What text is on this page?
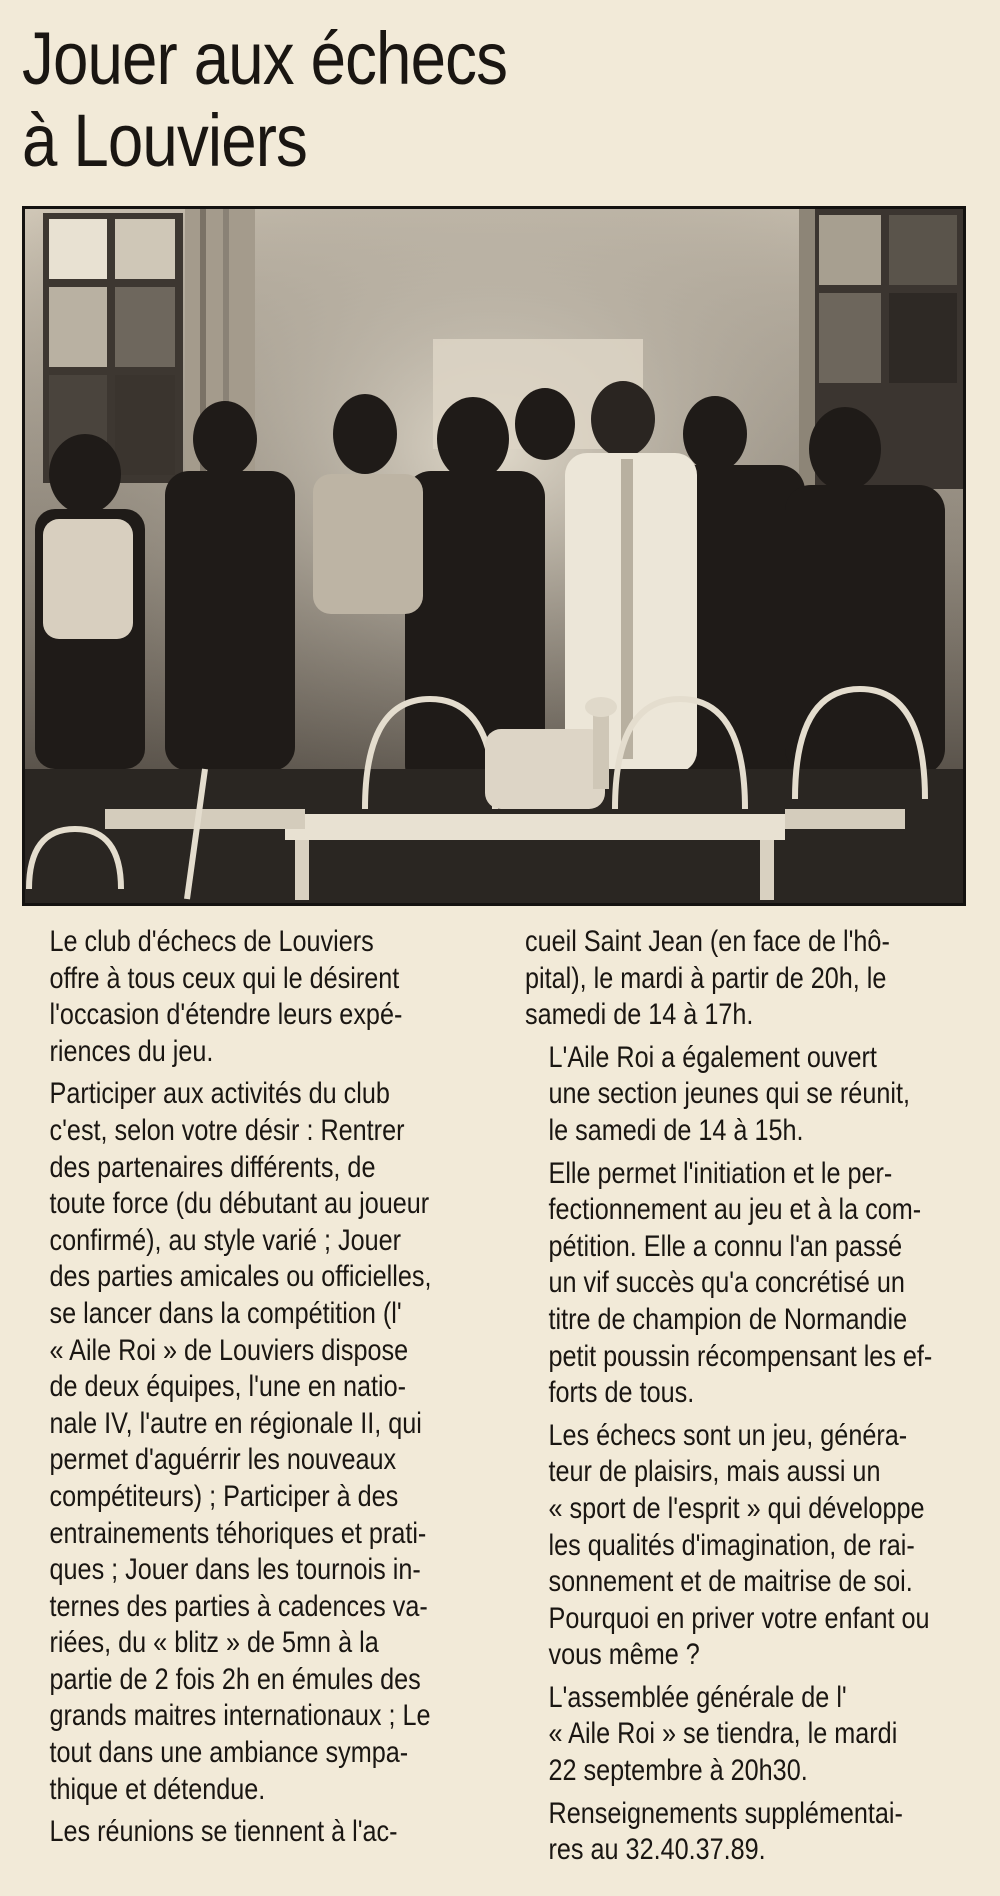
Jouer aux échecs
à Louviers

Le club d'échecs de Louviers
offre à tous ceux qui le désirent
l'occasion d'étendre leurs expé-
riences du jeu.

Participer aux activités du club
c'est, selon votre désir : Rentrer
des partenaires différents, de
toute force (du débutant au joueur
confirmé), au style varié ; Jouer
des parties amicales ou officielles,
se lancer dans la compétition (l'
« Aile Roi » de Louviers dispose
de deux équipes, l'une en natio-
nale IV, l'autre en régionale II, qui
permet d'aguérrir les nouveaux
compétiteurs) ; Participer à des
entrainements téhoriques et prati-
ques ; Jouer dans les tournois in-
ternes des parties à cadences va-
riées, du « blitz » de 5mn à la
partie de 2 fois 2h en émules des
grands maitres internationaux ; Le
tout dans une ambiance sympa-
thique et détendue.

Les réunions se tiennent à l'ac-

cueil Saint Jean (en face de l'hô-
pital), le mardi à partir de 20h, le
samedi de 14 à 17h.

L'Aile Roi a également ouvert
une section jeunes qui se réunit,
le samedi de 14 à 15h.

Elle permet l'initiation et le per-
fectionnement au jeu et à la com-
pétition. Elle a connu l'an passé
un vif succès qu'a concrétisé un
titre de champion de Normandie
petit poussin récompensant les ef-
forts de tous.

Les échecs sont un jeu, généra-
teur de plaisirs, mais aussi un
« sport de l'esprit » qui développe
les qualités d'imagination, de rai-
sonnement et de maitrise de soi.
Pourquoi en priver votre enfant ou
vous même ?

L'assemblée générale de l'
« Aile Roi » se tiendra, le mardi
22 septembre à 20h30.

Renseignements supplémentai-
res au 32.40.37.89.
